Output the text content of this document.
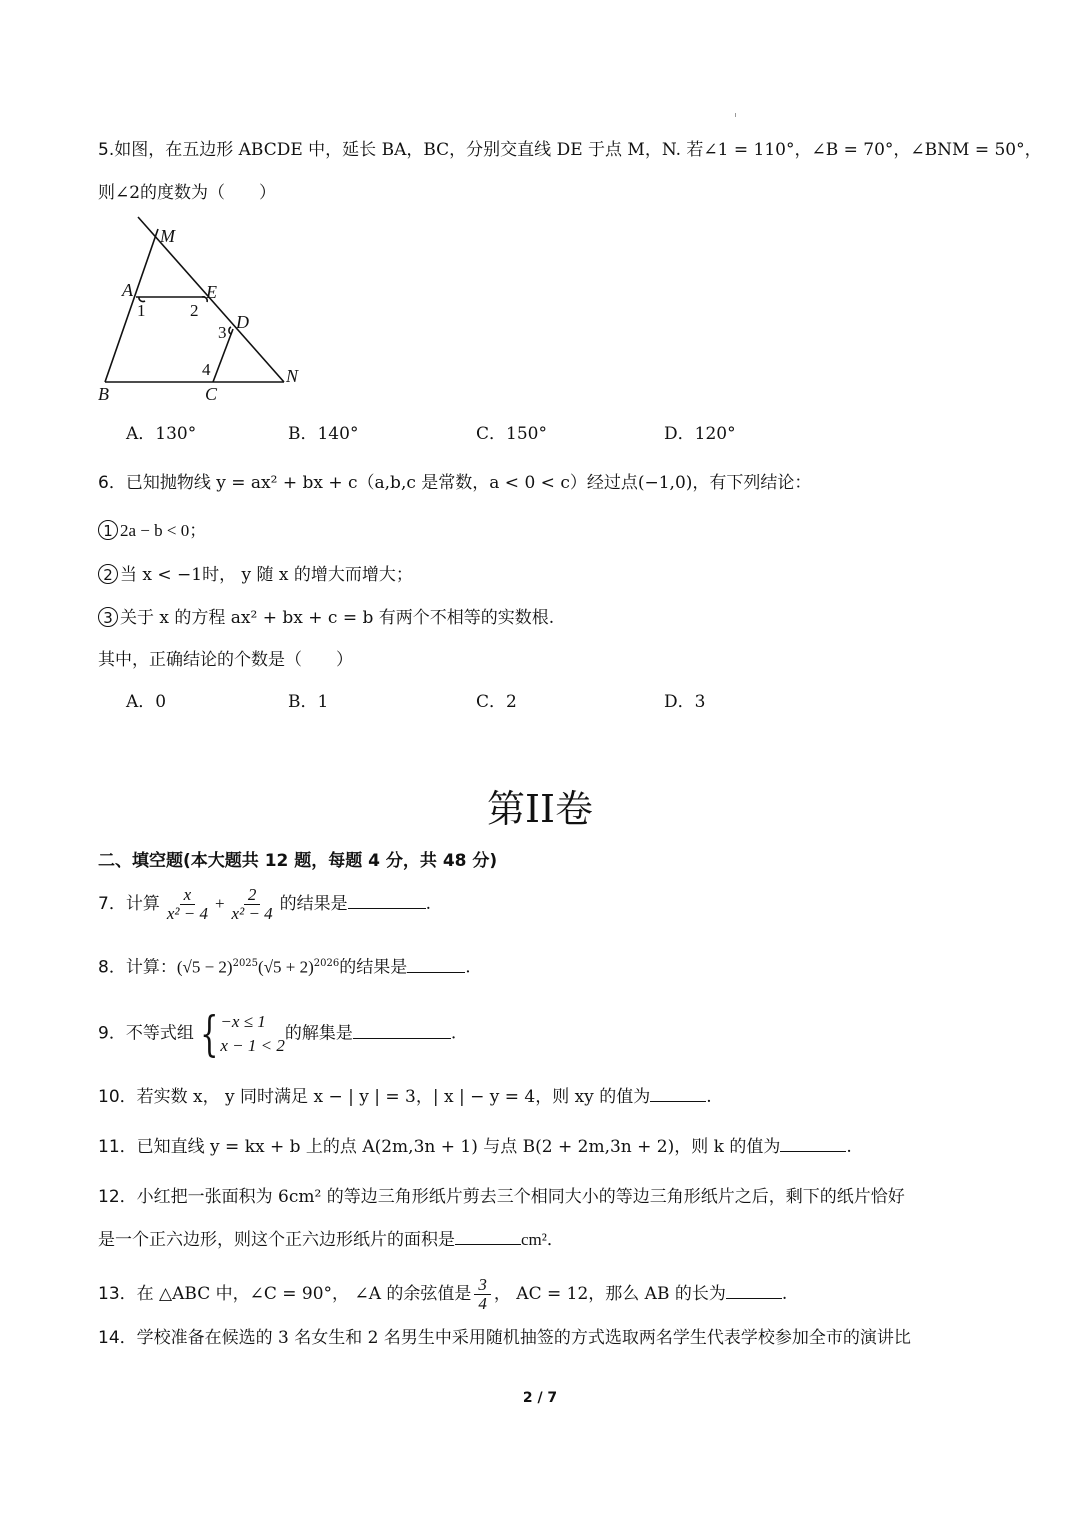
5.如图，在五边形 ABCDE 中，延长 BA，BC，分别交直线 DE 于点 M，N. 若∠1 = 110°，∠B = 70°，∠BNM = 50°，
则∠2的度数为（　　）
M
A	E
D
B	C
N
1	2
3
4
A．130°	B．140°	C．150°	D．120°
6．已知抛物线 y = ax² + bx + c（a,b,c 是常数，a < 0 < c）经过点(−1,0)，有下列结论：
1 2a − b < 0；
2 当 x < −1时， y 随 x 的增大而增大；
3 关于 x 的方程 ax² + bx + c = b 有两个不相等的实数根.
其中，正确结论的个数是（　　）
A．0	B．1	C．2	D．3
第II卷
二、填空题(本大题共 12 题，每题 4 分，共 48 分)
7．计算 $\frac{x}{\text{x² − 4}} + \frac{2}{\text{x² − 4}}$ 的结果是	.
8．计算：$(√5 - 2)^{2025}(√5 + 2)^{2026}$的结果是	.
9．不等式组 { −x ≤ 1
x − 1 < 2
的解集是	.
10．若实数 x， y 同时满足 x − | y | = 3，| x | − y = 4，则 xy 的值为	.
11．已知直线 y = kx + b 上的点 A(2m,3n + 1) 与点 B(2 + 2m,3n + 2)，则 k 的值为	.
12．小红把一张面积为 6cm² 的等边三角形纸片剪去三个相同大小的等边三角形纸片之后，剩下的纸片恰好
是一个正六边形，则这个正六边形纸片的面积是	cm²．
13．在 △ABC 中，∠C = 90°， ∠A 的余弦值是 $\frac{3}{4}$ ， AC = 12，那么 AB 的长为	.
14．学校准备在候选的 3 名女生和 2 名男生中采用随机抽签的方式选取两名学生代表学校参加全市的演讲比
2 / 7
